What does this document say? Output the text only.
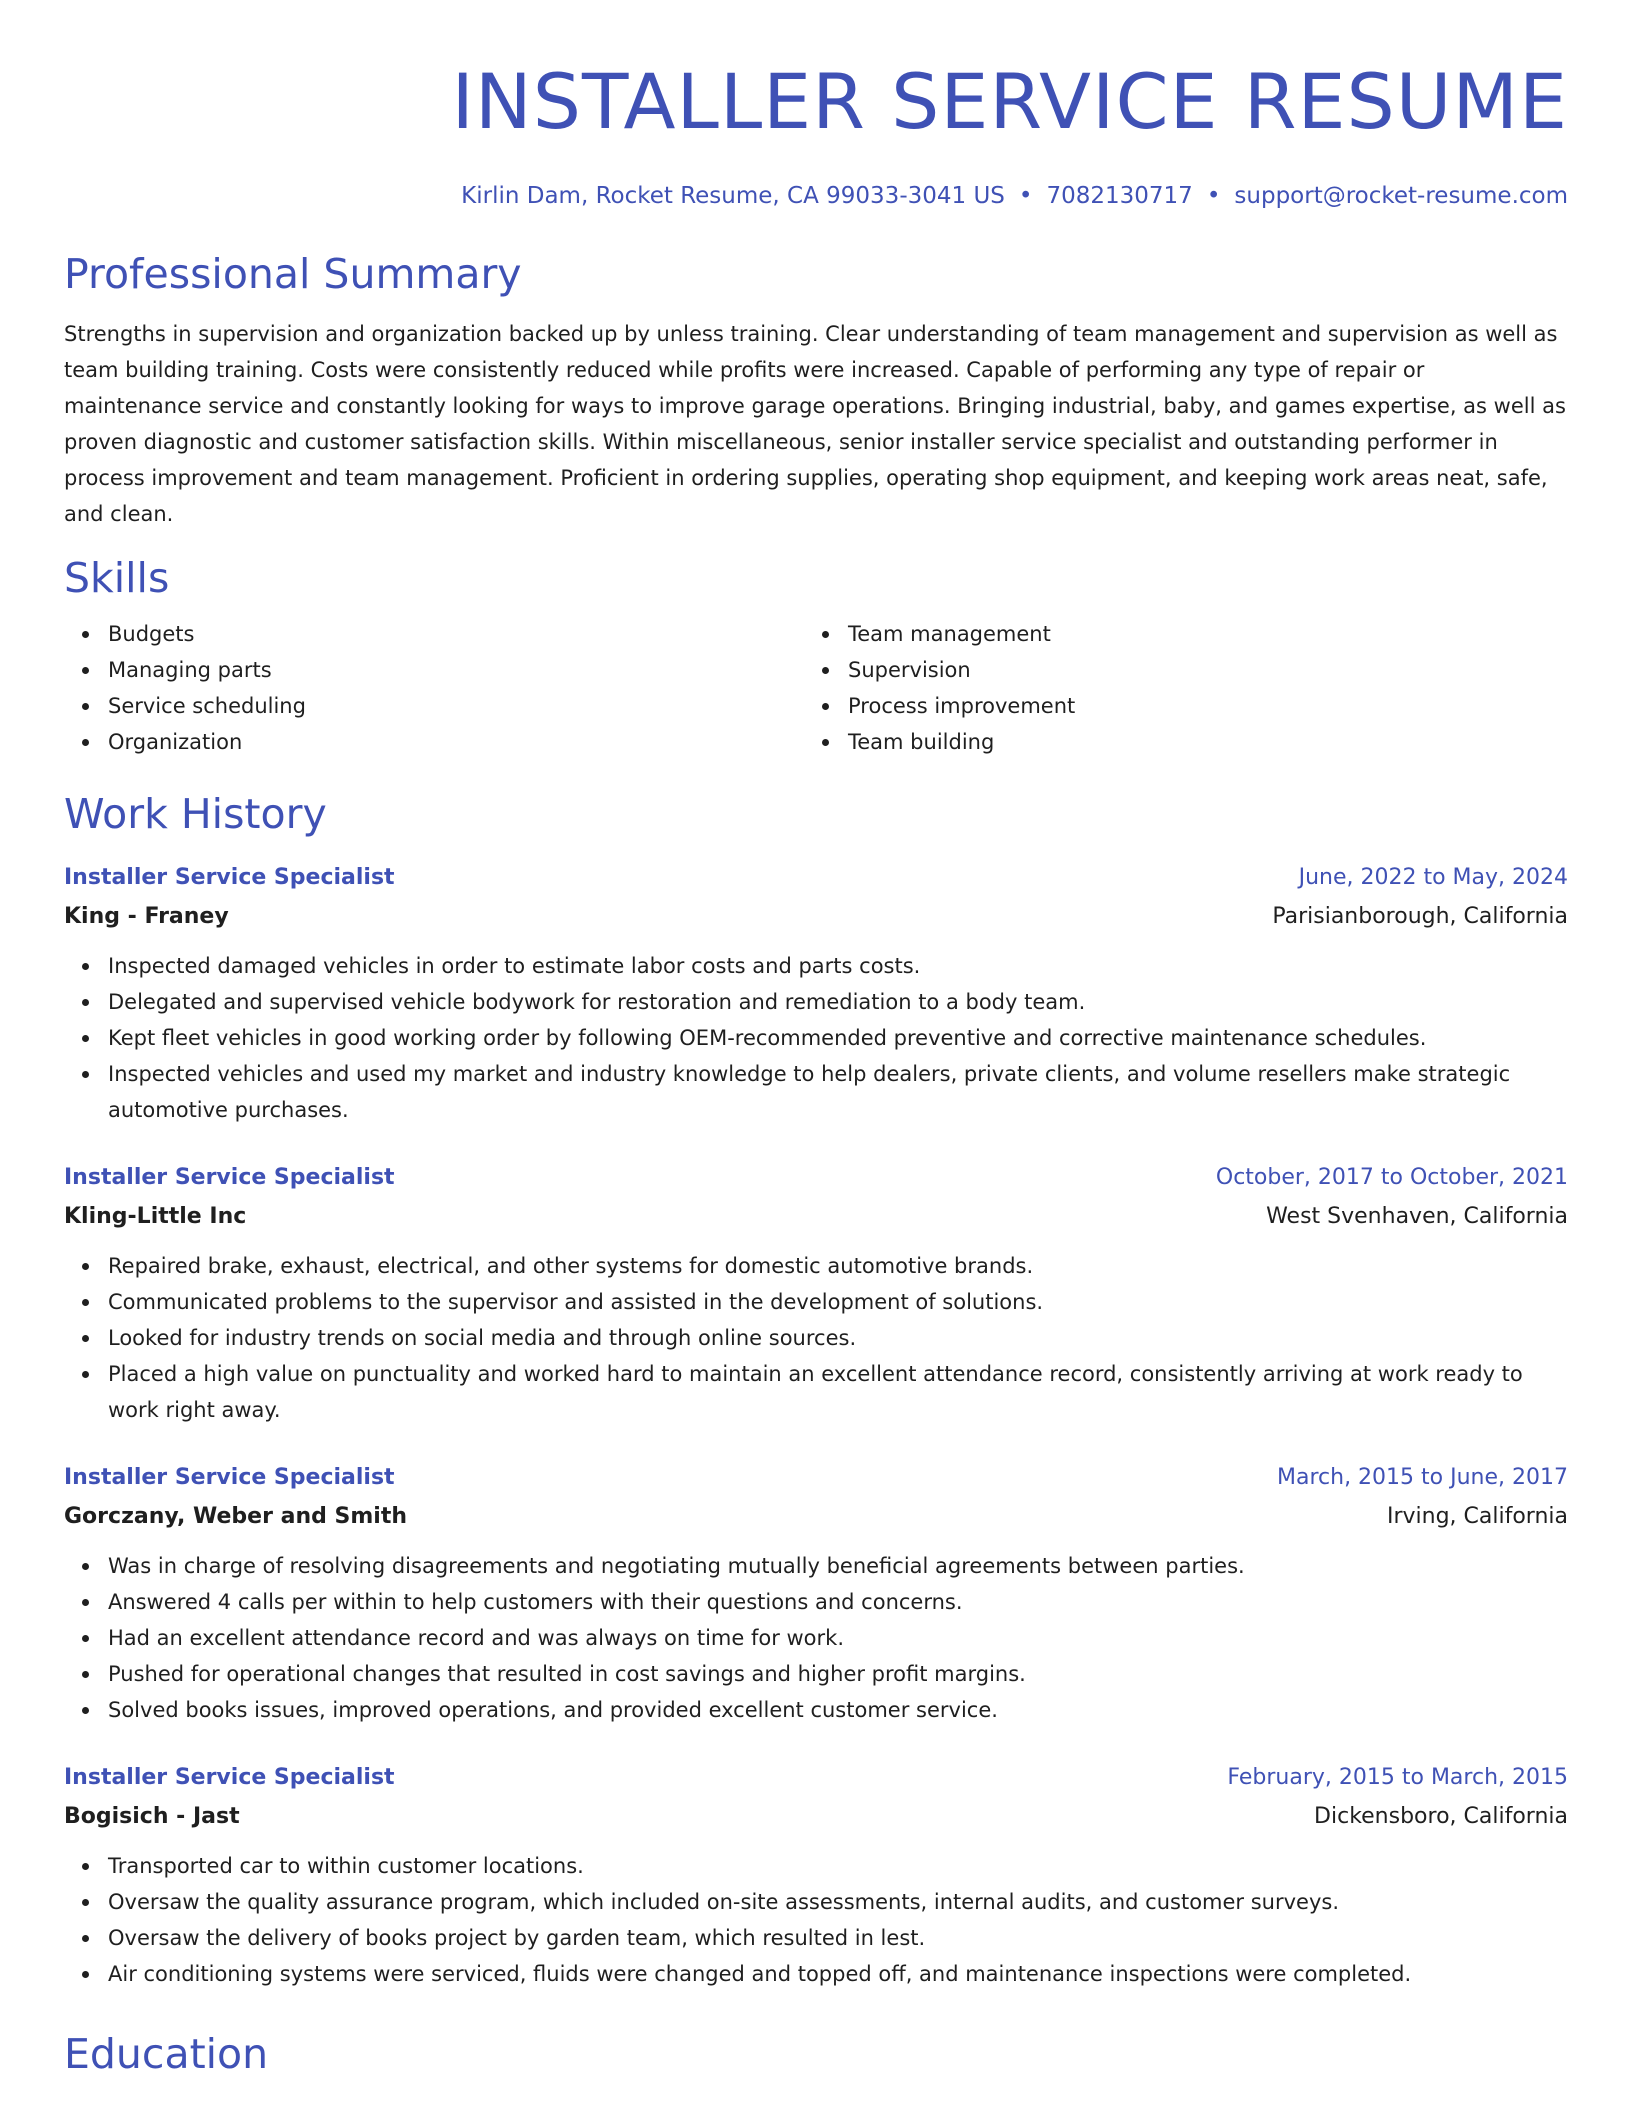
INSTALLER SERVICE RESUME
Kirlin Dam, Rocket Resume, CA 99033-3041 US • 7082130717 • support@rocket-resume.com
Professional Summary

Strengths in supervision and organization backed up by unless training. Clear understanding of team management and supervision as well as team building training. Costs were consistently reduced while profits were increased. Capable of performing any type of repair or maintenance service and constantly looking for ways to improve garage operations. Bringing industrial, baby, and games expertise, as well as proven diagnostic and customer satisfaction skills. Within miscellaneous, senior installer service specialist and outstanding performer in process improvement and team management. Proficient in ordering supplies, operating shop equipment, and keeping work areas neat, safe, and clean.

Skills
Budgets
Managing parts
Service scheduling
Organization
Team management
Supervision
Process improvement
Team building
Work History
Installer Service Specialist	June, 2022 to May, 2024
King - Franey	Parisianborough, California
Inspected damaged vehicles in order to estimate labor costs and parts costs.
Delegated and supervised vehicle bodywork for restoration and remediation to a body team.
Kept fleet vehicles in good working order by following OEM-recommended preventive and corrective maintenance schedules.
Inspected vehicles and used my market and industry knowledge to help dealers, private clients, and volume resellers make strategic automotive purchases.
Installer Service Specialist	October, 2017 to October, 2021
Kling-Little Inc	West Svenhaven, California
Repaired brake, exhaust, electrical, and other systems for domestic automotive brands.
Communicated problems to the supervisor and assisted in the development of solutions.
Looked for industry trends on social media and through online sources.
Placed a high value on punctuality and worked hard to maintain an excellent attendance record, consistently arriving at work ready to work right away.
Installer Service Specialist	March, 2015 to June, 2017
Gorczany, Weber and Smith	Irving, California
Was in charge of resolving disagreements and negotiating mutually beneficial agreements between parties.
Answered 4 calls per within to help customers with their questions and concerns.
Had an excellent attendance record and was always on time for work.
Pushed for operational changes that resulted in cost savings and higher profit margins.
Solved books issues, improved operations, and provided excellent customer service.
Installer Service Specialist	February, 2015 to March, 2015
Bogisich - Jast	Dickensboro, California
Transported car to within customer locations.
Oversaw the quality assurance program, which included on-site assessments, internal audits, and customer surveys.
Oversaw the delivery of books project by garden team, which resulted in lest.
Air conditioning systems were serviced, fluids were changed and topped off, and maintenance inspections were completed.
Education
